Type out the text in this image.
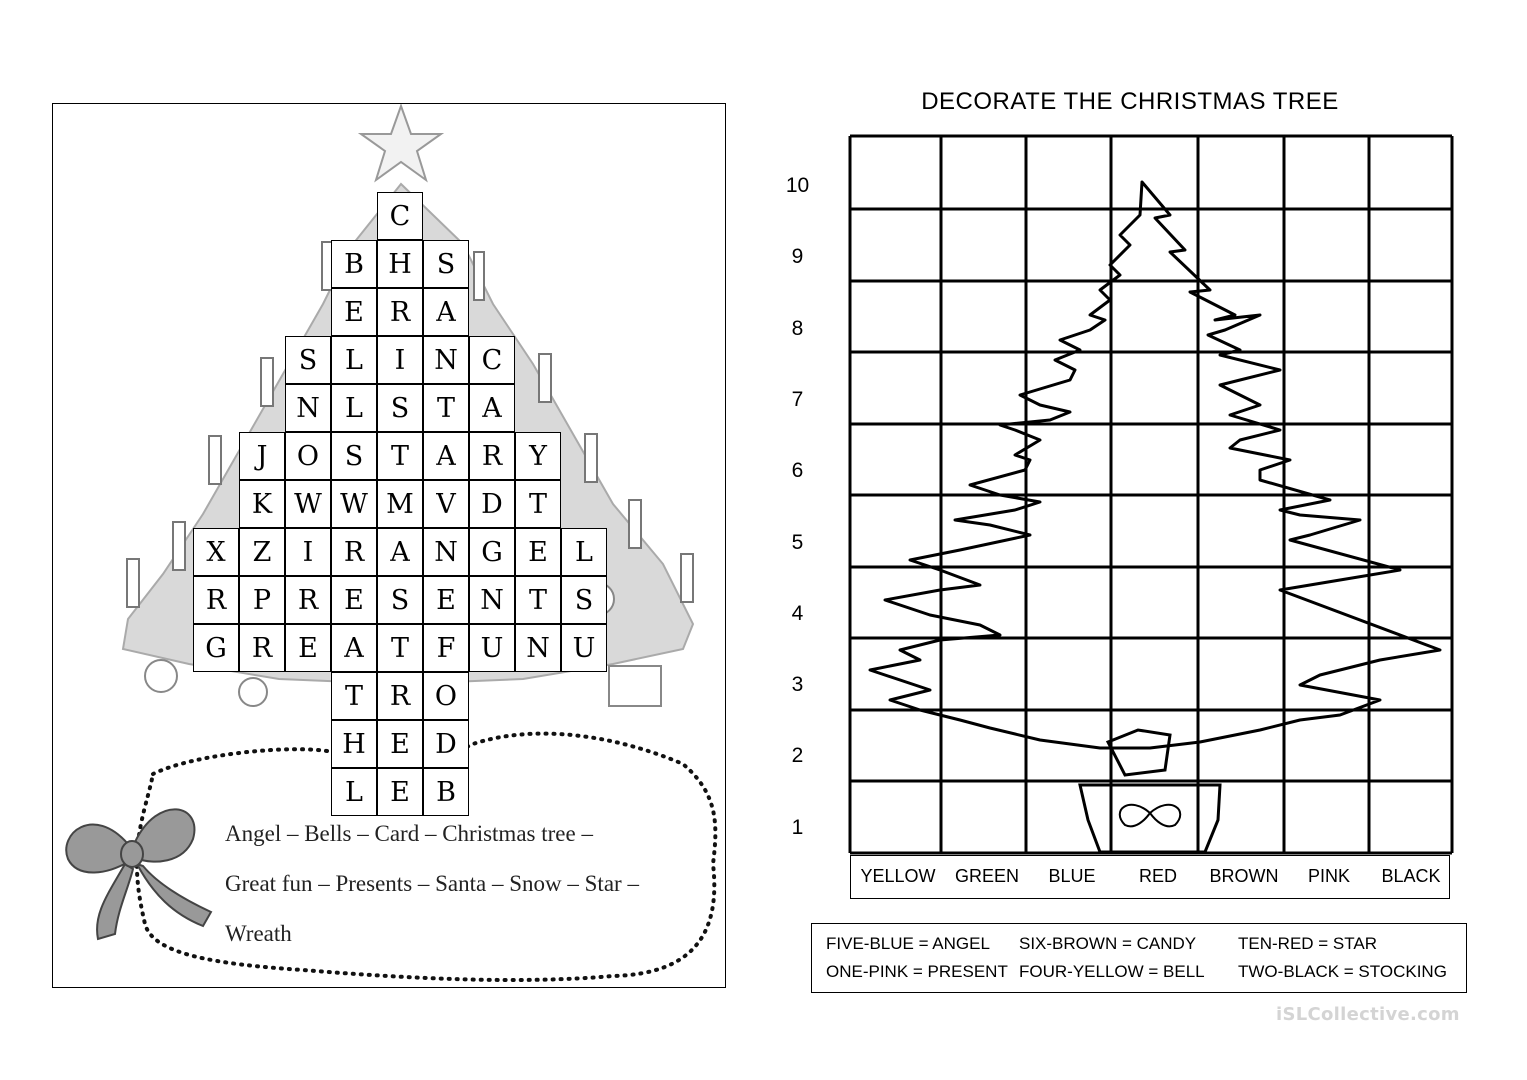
C
B H S
E R A
S	L	I	N C
N L	S	T	A
J	O S	T	A R Y
K W W M V D T
X	Z	I	R A N G E	L
R P R E S E N T	S
G R E A	T	F U N U
T R O
H E D
L	E B
Angel – Bells – Card – Christmas tree –
Great fun – Presents – Santa – Snow – Star –
Wreath
DECORATE THE CHRISTMAS TREE
10
9
8
7
6
5
4
3
2
1
YELLOW	GREEN	BLUE	RED	BROWN	PINK	BLACK
FIVE-BLUE = ANGEL
ONE-PINK = PRESENT
SIX-BROWN = CANDY
FOUR-YELLOW = BELL
TEN-RED = STAR
TWO-BLACK = STOCKING
iSLCollective.com
